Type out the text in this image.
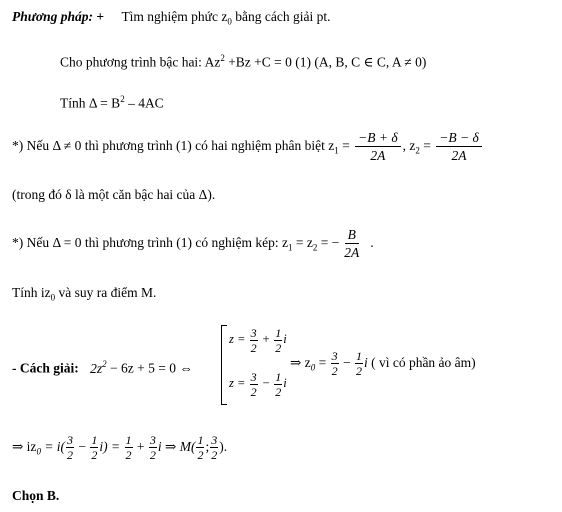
Phương pháp: + Tìm nghiệm phức $z_0$ bằng cách giải pt.
Cho phương trình bậc hai: $Az^2 +Bz +C = 0$ (1) (A, B, C ∈ C, A ≠ 0)
Tính $\Delta = B^2 - 4AC$
*) Nếu Δ ≠ 0 thì phương trình (1) có hai nghiệm phân biệt $z_1 = \frac{-B + \delta}{2A}$ , $z_2 = \frac{-B - \delta}{2A}$
(trong đó δ là một căn bậc hai của Δ).
*) Nếu Δ = 0 thì phương trình (1) có nghiệm kép: $z_1 = z_2$ = − $\frac{B}{2A}$ .
Tính $iz_0$ và suy ra điểm M.
- Cách giải: $2z^2 - 6z + 5 = 0$ ⇔
$z = \frac{3}{2} + \frac{1}{2}$ i
$z = \frac{3}{2} - \frac{1}{2}$ i
⇒ $z_0 = \frac{3}{2} - \frac{1}{2}$ i ( vì có phần ảo âm)
⇒ $iz_0 = i( \frac{3}{2} - \frac{1}{2} i) = \frac{1}{2} + \frac{3}{2}$ i ⇒ $M( \frac{1}{2}$ ; $\frac{3}{2}$ ).
Chọn B.
